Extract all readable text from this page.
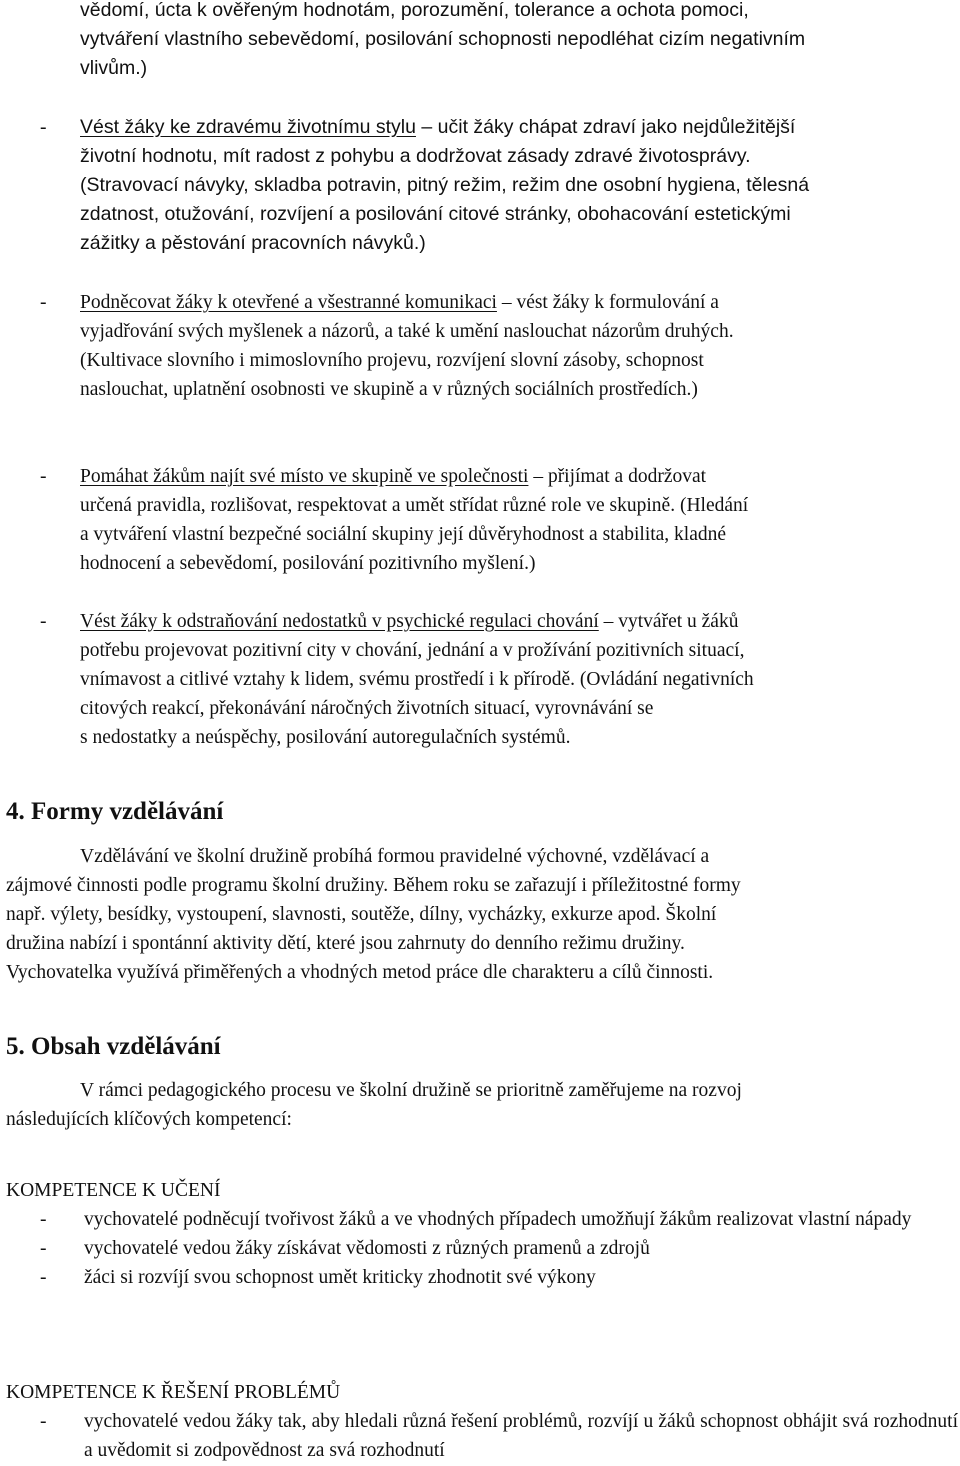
vědomí, úcta k ověřeným hodnotám, porozumění, tolerance a ochota pomoci,
vytváření vlastního sebevědomí, posilování schopnosti nepodléhat cizím negativním
vlivům.)
- Vést žáky ke zdravému životnímu stylu – učit žáky chápat zdraví jako nejdůležitější
životní hodnotu, mít radost z pohybu a dodržovat zásady zdravé životosprávy.
(Stravovací návyky, skladba potravin, pitný režim, režim dne osobní hygiena, tělesná
zdatnost, otužování, rozvíjení a posilování citové stránky, obohacování estetickými
zážitky a pěstování pracovních návyků.)
- Podněcovat žáky k otevřené a všestranné komunikaci – vést žáky k formulování a
vyjadřování svých myšlenek a názorů, a také k umění naslouchat názorům druhých.
(Kultivace slovního i mimoslovního projevu, rozvíjení slovní zásoby, schopnost
naslouchat, uplatnění osobnosti ve skupině a v různých sociálních prostředích.)
- Pomáhat žákům najít své místo ve skupině ve společnosti – přijímat a dodržovat
určená pravidla, rozlišovat, respektovat a umět střídat různé role ve skupině. (Hledání
a vytváření vlastní bezpečné sociální skupiny její důvěryhodnost a stabilita, kladné
hodnocení a sebevědomí, posilování pozitivního myšlení.)
- Vést žáky k odstraňování nedostatků v psychické regulaci chování – vytvářet u žáků
potřebu projevovat pozitivní city v chování, jednání a v prožívání pozitivních situací,
vnímavost a citlivé vztahy k lidem, svému prostředí i k přírodě. (Ovládání negativních
citových reakcí, překonávání náročných životních situací, vyrovnávání se
s nedostatky a neúspěchy, posilování autoregulačních systémů.
4. Formy vzdělávání
Vzdělávání ve školní družině probíhá formou pravidelné výchovné, vzdělávací a
zájmové činnosti podle programu školní družiny. Během roku se zařazují i příležitostné formy
např. výlety, besídky, vystoupení, slavnosti, soutěže, dílny, vycházky, exkurze apod. Školní
družina nabízí i spontánní aktivity dětí, které jsou zahrnuty do denního režimu družiny.
Vychovatelka využívá přiměřených a vhodných metod práce dle charakteru a cílů činnosti.
5. Obsah vzdělávání
V rámci pedagogického procesu ve školní družině se prioritně zaměřujeme na rozvoj
následujících klíčových kompetencí:
KOMPETENCE K UČENÍ
- vychovatelé podněcují tvořivost žáků a ve vhodných případech umožňují žákům realizovat vlastní nápady
- vychovatelé vedou žáky získávat vědomosti z různých pramenů a zdrojů
- žáci si rozvíjí svou schopnost umět kriticky zhodnotit své výkony
KOMPETENCE K ŘEŠENÍ PROBLÉMŮ
- vychovatelé vedou žáky tak, aby hledali různá řešení problémů, rozvíjí u žáků schopnost obhájit svá rozhodnutí a uvědomit si zodpovědnost za svá rozhodnutí
